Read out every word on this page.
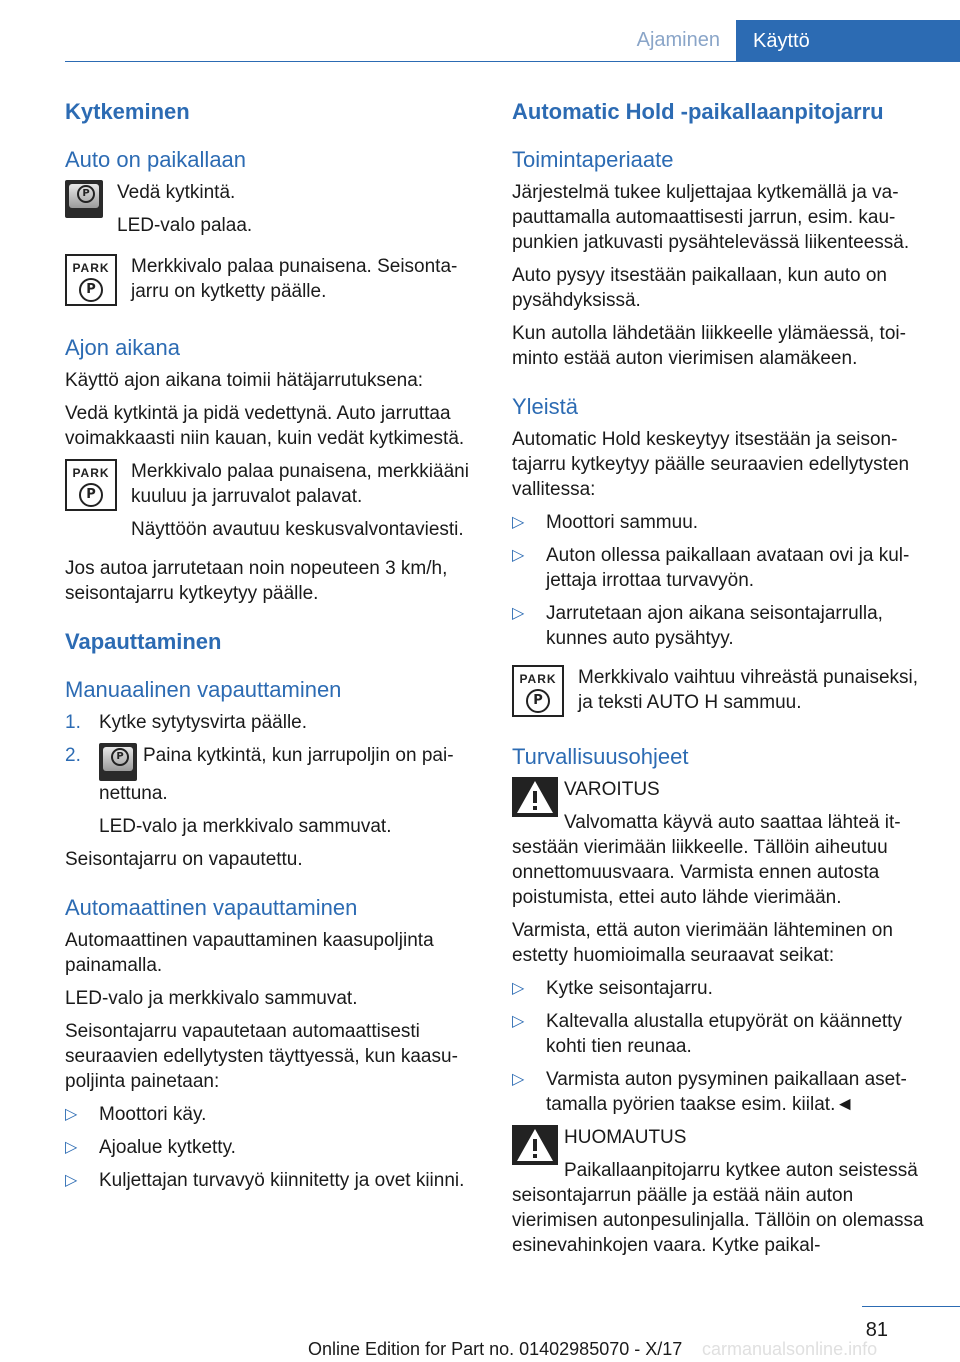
Ajaminen	Käyttö
Kytkeminen
Auto on paikallaan
P Vedä kytkintä.

LED-valo palaa.

PARK
P

Merkkivalo palaa punaisena. Seisontajarru on kytketty päälle.

Ajon aikana

Käyttö ajon aikana toimii hätäjarrutuksena:

Vedä kytkintä ja pidä vedettynä. Auto jarruttaa voimakkaasti niin kauan, kuin vedät kytkimestä.

PARK
P

Merkkivalo palaa punaisena, merkkiääni kuuluu ja jarruvalot palavat.

Näyttöön avautuu keskusvalvontaviesti.

Jos autoa jarrutetaan noin nopeuteen 3 km/h, seisontajarru kytkeytyy päälle.

Vapauttaminen
Manuaalinen vapauttaminen
1. Kytke sytytysvirta päälle.
2.	P Paina kytkintä, kun jarrupoljin on painettuna.

LED-valo ja merkkivalo sammuvat.

Seisontajarru on vapautettu.

Automaattinen vapauttaminen

Automaattinen vapauttaminen kaasupoljinta painamalla.

LED-valo ja merkkivalo sammuvat.

Seisontajarru vapautetaan automaattisesti seuraavien edellytysten täyttyessä, kun kaasupoljinta painetaan:

▷ Moottori käy.
▷ Ajoalue kytketty.
▷ Kuljettajan turvavyö kiinnitetty ja ovet kiinni.
Automatic Hold -paikallaanpitojarru
Toimintaperiaate

Järjestelmä tukee kuljettajaa kytkemällä ja vapauttamalla automaattisesti jarrun, esim. kaupunkien jatkuvasti pysähtelevässä liikenteessä.

Auto pysyy itsestään paikallaan, kun auto on pysähdyksissä.

Kun autolla lähdetään liikkeelle ylämäessä, toiminto estää auton vierimisen alamäkeen.

Yleistä

Automatic Hold keskeytyy itsestään ja seisontajarru kytkeytyy päälle seuraavien edellytysten vallitessa:

▷ Moottori sammuu.
▷ Auton ollessa paikallaan avataan ovi ja kuljettaja irrottaa turvavyön.
▷ Jarrutetaan ajon aikana seisontajarrulla, kunnes auto pysähtyy.
PARK
P

Merkkivalo vaihtuu vihreästä punaiseksi, ja teksti AUTO H sammuu.

Turvallisuusohjeet

VAROITUS

Valvomatta käyvä auto saattaa lähteä itsestään vierimään liikkeelle. Tällöin aiheutuu onnettomuusvaara. Varmista ennen autosta poistumista, ettei auto lähde vierimään.

Varmista, että auton vierimään lähteminen on estetty huomioimalla seuraavat seikat:

▷ Kytke seisontajarru.
▷ Kaltevalla alustalla etupyörät on käännetty kohti tien reunaa.
▷ Varmista auton pysyminen paikallaan asettamalla pyörien taakse esim. kiilat.◄

HUOMAUTUS

Paikallaanpitojarru kytkee auton seistessä seisontajarrun päälle ja estää näin auton vierimisen autonpesulinjalla. Tällöin on olemassa esinevahinkojen vaara. Kytke paikal-

81
Online Edition for Part no. 01402985070 - X/17 carmanualsonline.info
